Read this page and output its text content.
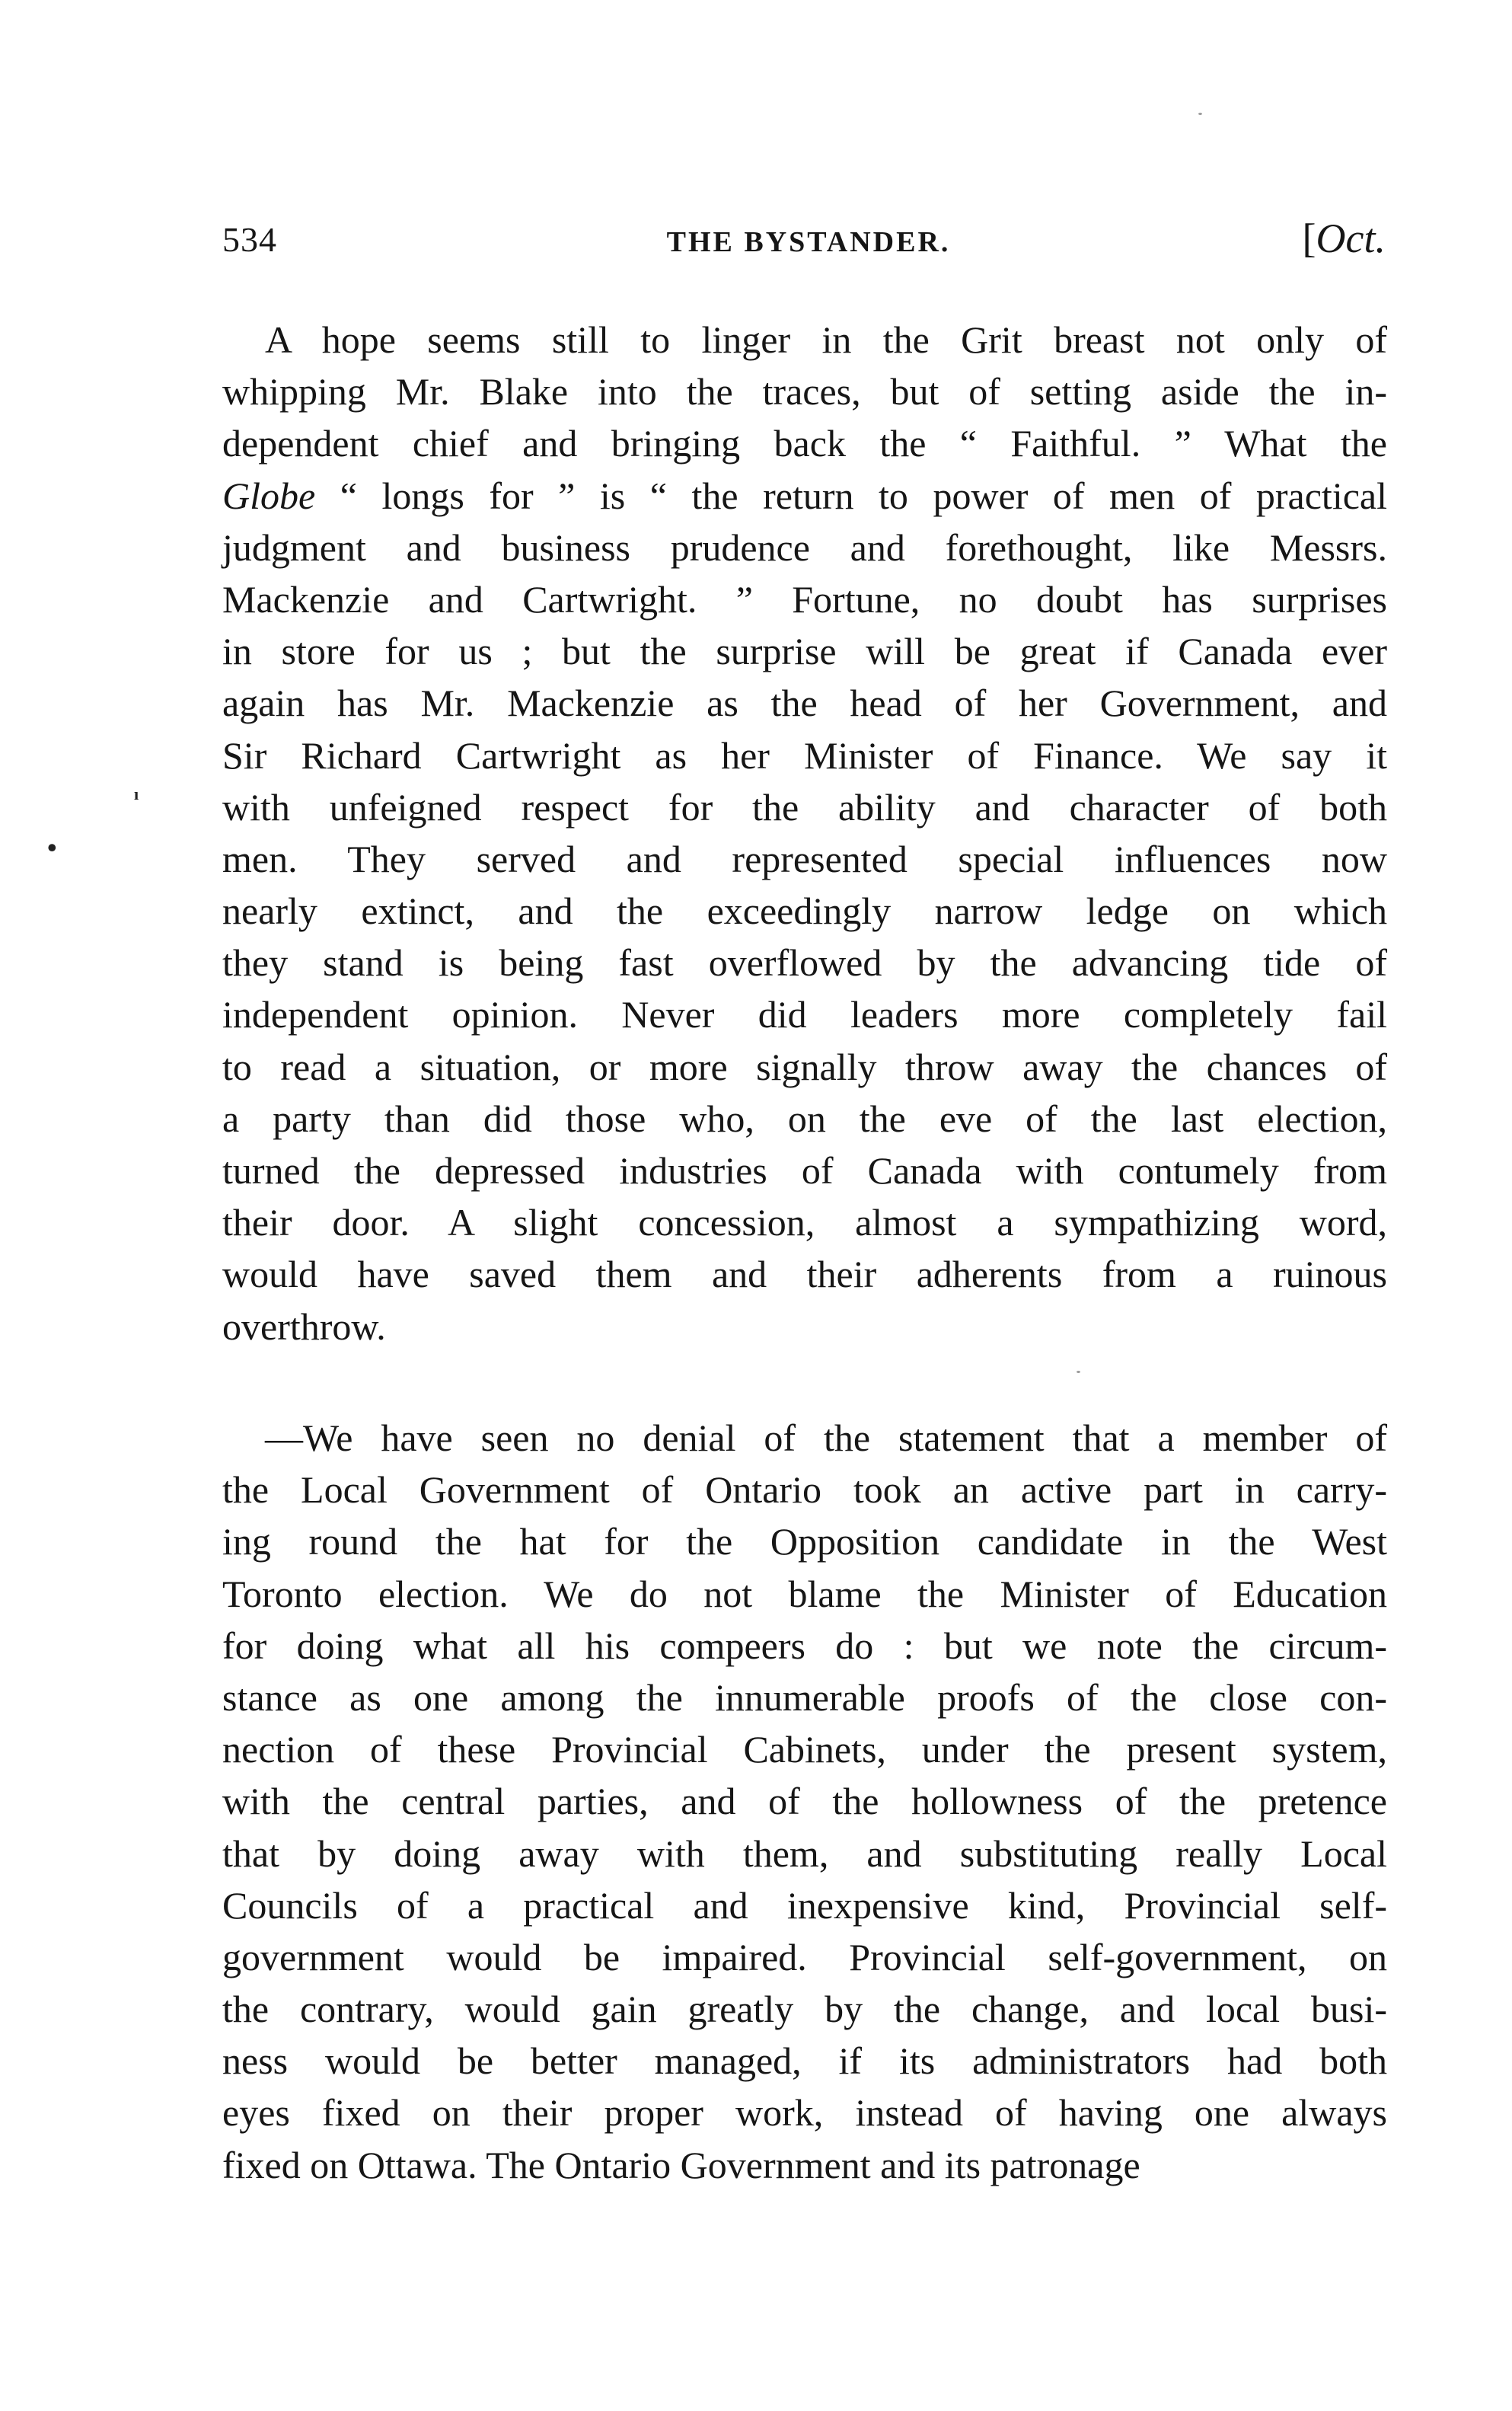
534	THE BYSTANDER.	[Oct.
ı
•
A hope seems still to linger in the Grit breast not only of
whipping Mr. Blake into the traces, but of setting aside the in-
dependent chief and bringing back the “ Faithful. ” What the
Globe “ longs for ” is “ the return to power of men of practical
judgment and business prudence and forethought, like Messrs.
Mackenzie and Cartwright. ” Fortune, no doubt has surprises
in store for us ; but the surprise will be great if Canada ever
again has Mr. Mackenzie as the head of her Government, and
Sir Richard Cartwright as her Minister of Finance. We say it
with unfeigned respect for the ability and character of both
men. They served and represented special influences now
nearly extinct, and the exceedingly narrow ledge on which
they stand is being fast overflowed by the advancing tide of
independent opinion. Never did leaders more completely fail
to read a situation, or more signally throw away the chances of
a party than did those who, on the eve of the last election,
turned the depressed industries of Canada with contumely from
their door. A slight concession, almost a sympathizing word,
would have saved them and their adherents from a ruinous
overthrow.
—We have seen no denial of the statement that a member of
the Local Government of Ontario took an active part in carry-
ing round the hat for the Opposition candidate in the West
Toronto election. We do not blame the Minister of Education
for doing what all his compeers do : but we note the circum-
stance as one among the innumerable proofs of the close con-
nection of these Provincial Cabinets, under the present system,
with the central parties, and of the hollowness of the pretence
that by doing away with them, and substituting really Local
Councils of a practical and inexpensive kind, Provincial self-
government would be impaired. Provincial self-government, on
the contrary, would gain greatly by the change, and local busi-
ness would be better managed, if its administrators had both
eyes fixed on their proper work, instead of having one always
fixed on Ottawa. The Ontario Government and its patronage
